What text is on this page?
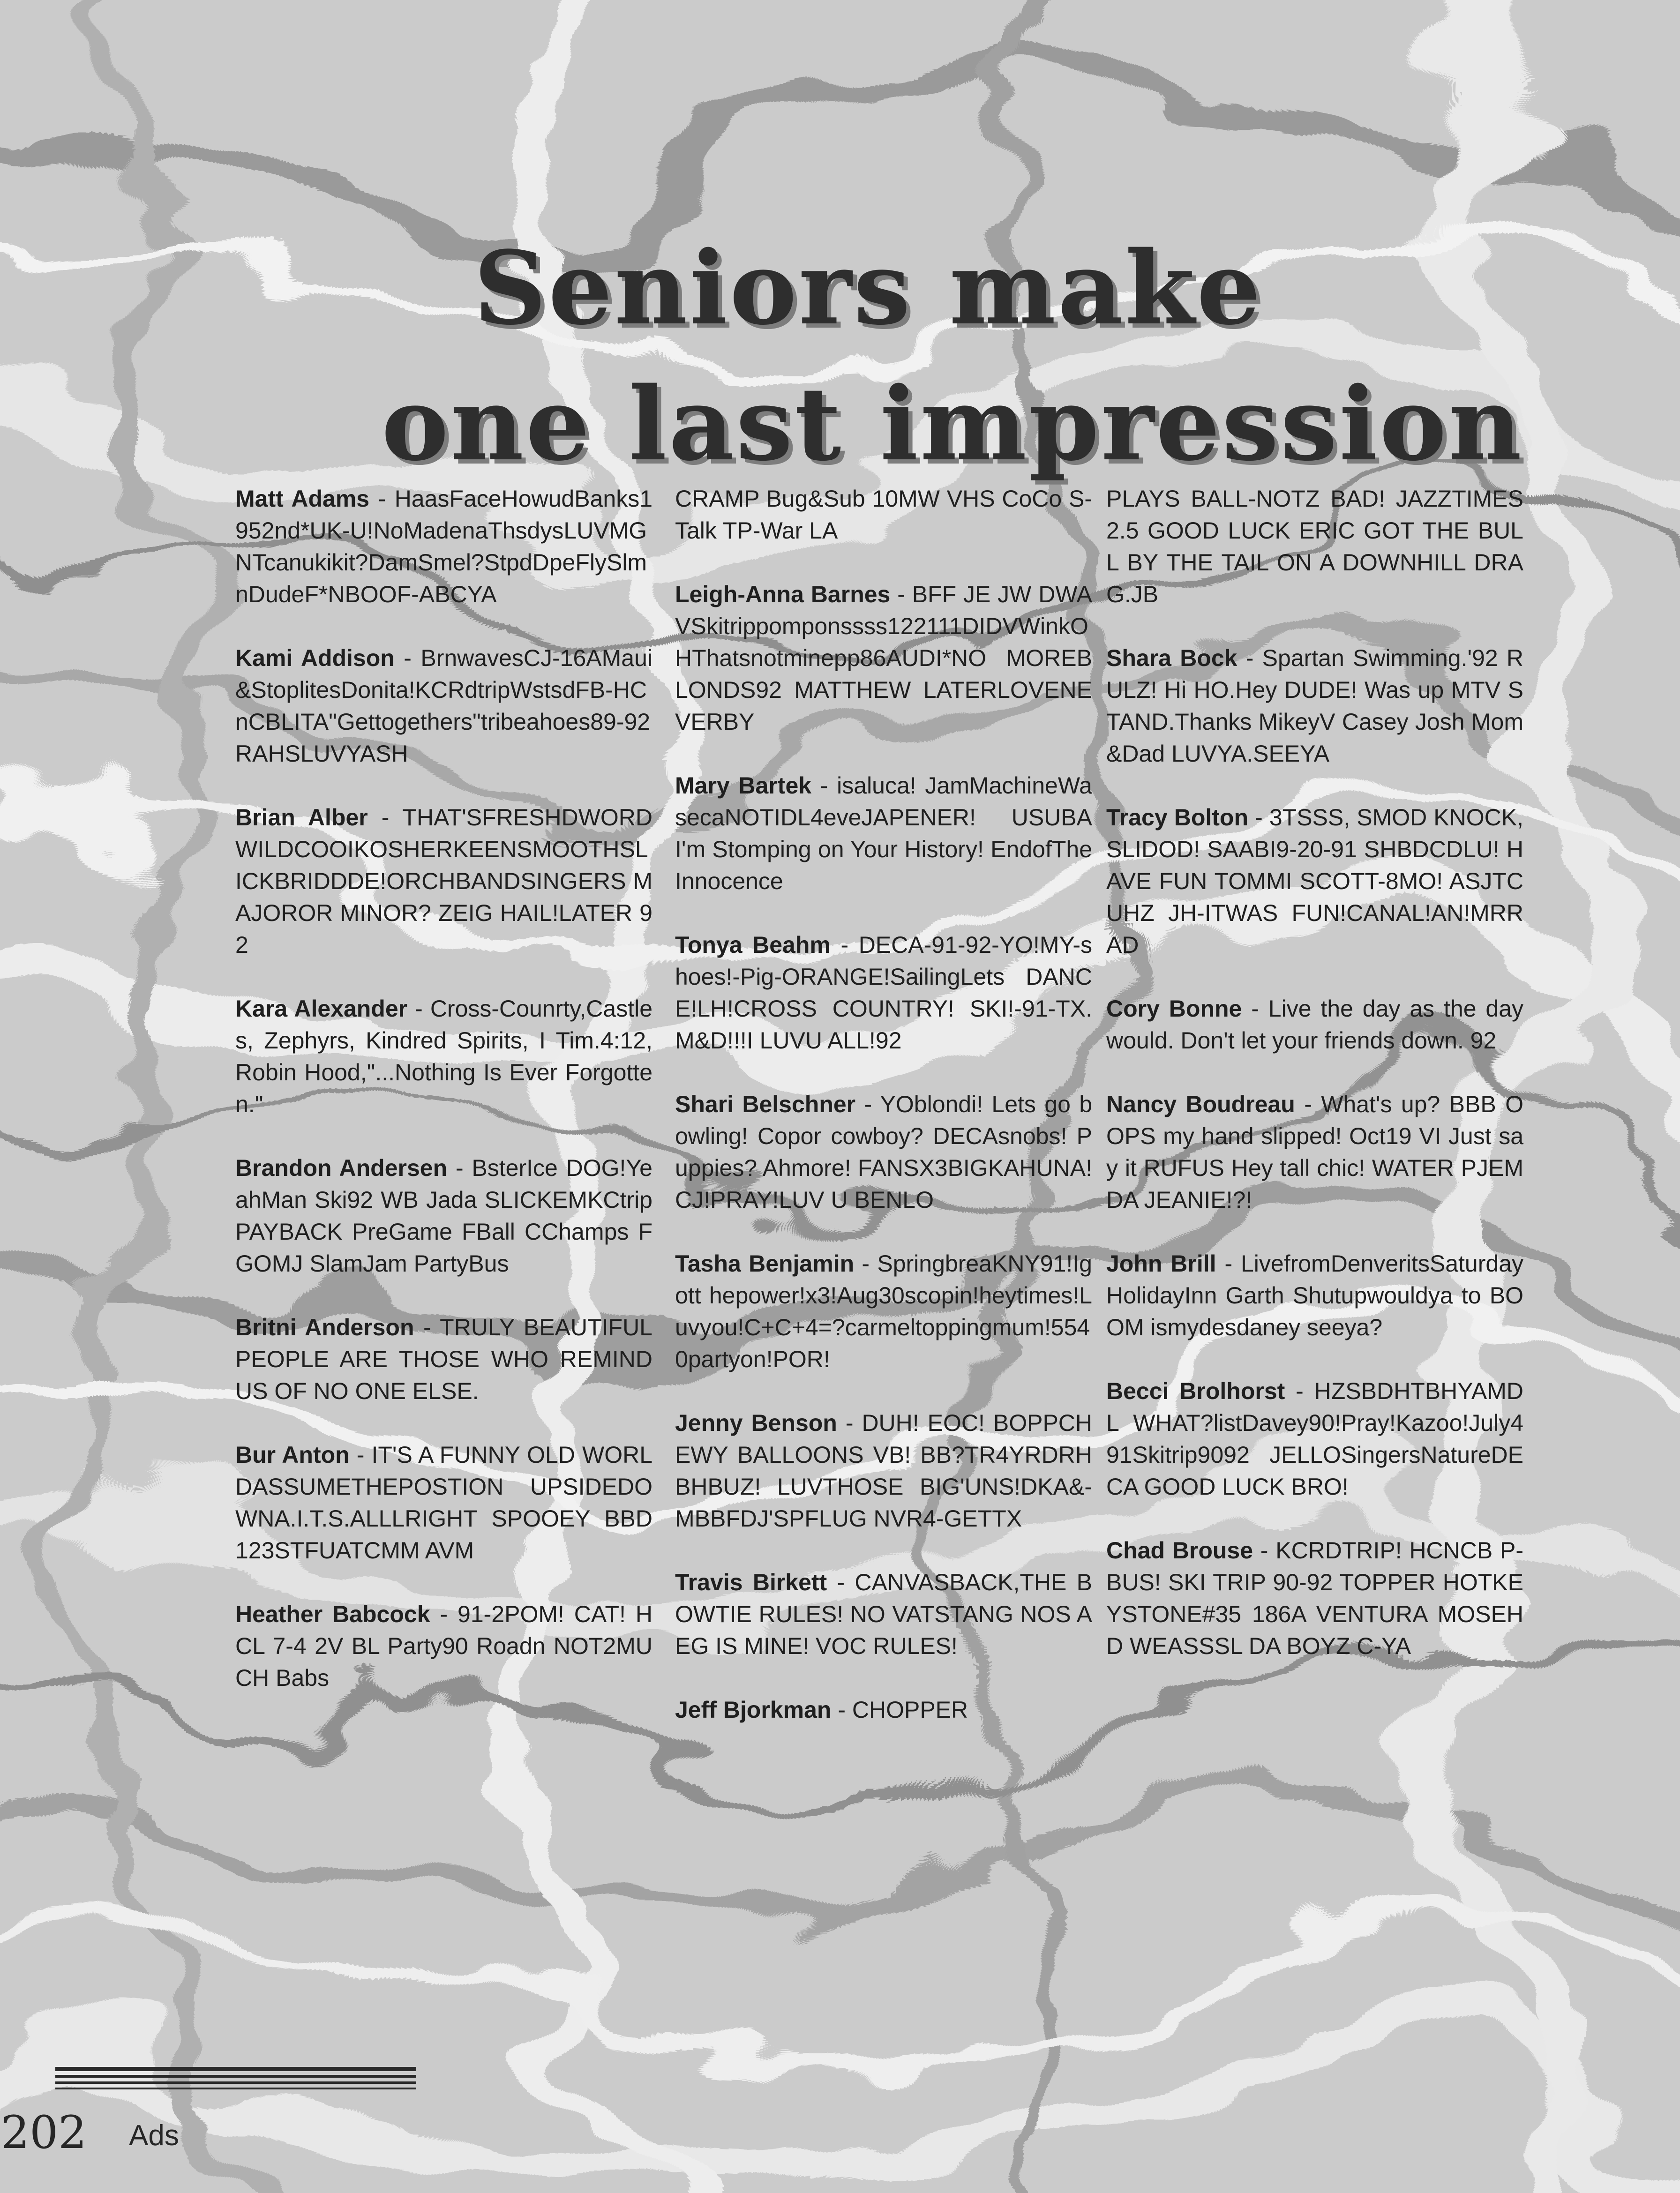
Seniors make
one last impression
Matt Adams - HaasFaceHowudBanks1952nd*UK-U!NoMadenaThsdysLUVMGNTcanukikit?DamSmel?StpdDpeFlySlmnDudeF*NBOOF-ABCYA
Kami Addison - BrnwavesCJ-16AMaui&StoplitesDonita!KCRdtripWstsdFB-HCnCBLITA"Gettogethers"tribeahoes89-92RAHSLUVYASH
Brian Alber - THAT'SFRESHDWORDWILDCOOIKOSHERKEENSMOOTHSLICKBRIDDDE!ORCHBANDSINGERS MAJOROR MINOR? ZEIG HAIL!LATER 92
Kara Alexander - Cross-Counrty,Castles, Zephyrs, Kindred Spirits, I Tim.4:12, Robin Hood,"...Nothing Is Ever Forgotten."
Brandon Andersen - BsterIce DOG!YeahMan Ski92 WB Jada SLICKEMKCtrip PAYBACK PreGame FBall CChamps FGOMJ SlamJam PartyBus
Britni Anderson - TRULY BEAUTIFUL PEOPLE ARE THOSE WHO REMIND US OF NO ONE ELSE.
Bur Anton - IT'S A FUNNY OLD WORLDASSUMETHEPOSTION UPSIDEDOWNA.I.T.S.ALLLRIGHT SPOOEY BBD 123STFUATCMM AVM
Heather Babcock - 91-2POM! CAT! HCL 7-4 2V BL Party90 Roadn NOT2MUCH Babs
CRAMP Bug&Sub 10MW VHS CoCo S-Talk TP-War LA
Leigh-Anna Barnes - BFF JE JW DWAVSkitrippomponssss122111DIDVWinkOHThatsnotminepp86AUDI*NO MOREB LONDS92 MATTHEW LATERLOVENEVERBY
Mary Bartek - isaluca! JamMachineWasecaNOTIDL4eveJAPENER! USUBA I'm Stomping on Your History! EndofTheInnocence
Tonya Beahm - DECA-91-92-YO!MY-shoes!-Pig-ORANGE!SailingLets DANCE!LH!CROSS COUNTRY! SKI!-91-TX.M&D!!!I LUVU ALL!92
Shari Belschner - YOblondi! Lets go bowling! Copor cowboy? DECAsnobs! Puppies? Ahmore! FANSX3BIGKAHUNA! CJ!PRAY!LUV U BENLO
Tasha Benjamin - SpringbreaKNY91!Igott hepower!x3!Aug30scopin!heytimes!Luvyou!C+C+4=?carmeltoppingmum!5540partyon!POR!
Jenny Benson - DUH! EOC! BOPPCHEWY BALLOONS VB! BB?TR4YRDRHBHBUZ! LUVTHOSE BIG'UNS!DKA&-MBBFDJ'SPFLUG NVR4-GETTX
Travis Birkett - CANVASBACK,THE BOWTIE RULES! NO VATSTANG NOS AEG IS MINE! VOC RULES!
Jeff Bjorkman - CHOPPER
PLAYS BALL-NOTZ BAD! JAZZTIMES 2.5 GOOD LUCK ERIC GOT THE BULL BY THE TAIL ON A DOWNHILL DRAG.JB
Shara Bock - Spartan Swimming.'92 RULZ! Hi HO.Hey DUDE! Was up MTV STAND.Thanks MikeyV Casey Josh Mom&Dad LUVYA.SEEYA
Tracy Bolton - 3TSSS, SMOD KNOCK,SLIDOD! SAABI9-20-91 SHBDCDLU! HAVE FUN TOMMI SCOTT-8MO! ASJTCUHZ JH-ITWAS FUN!CANAL!AN!MRRAD
Cory Bonne - Live the day as the day would. Don't let your friends down. 92
Nancy Boudreau - What's up? BBB OOPS my hand slipped! Oct19 VI Just say it RUFUS Hey tall chic! WATER PJEMDA JEANIE!?!
John Brill - LivefromDenveritsSaturday HolidayInn Garth Shutupwouldya to BOOM ismydesdaney seeya?
Becci Brolhorst - HZSBDHTBHYAMDL WHAT?listDavey90!Pray!Kazoo!July491Skitrip9092 JELLOSingersNatureDECA GOOD LUCK BRO!
Chad Brouse - KCRDTRIP! HCNCB P-BUS! SKI TRIP 90-92 TOPPER HOTKEYSTONE#35 186A VENTURA MOSEHD WEASSSL DA BOYZ C-YA
202 Ads
